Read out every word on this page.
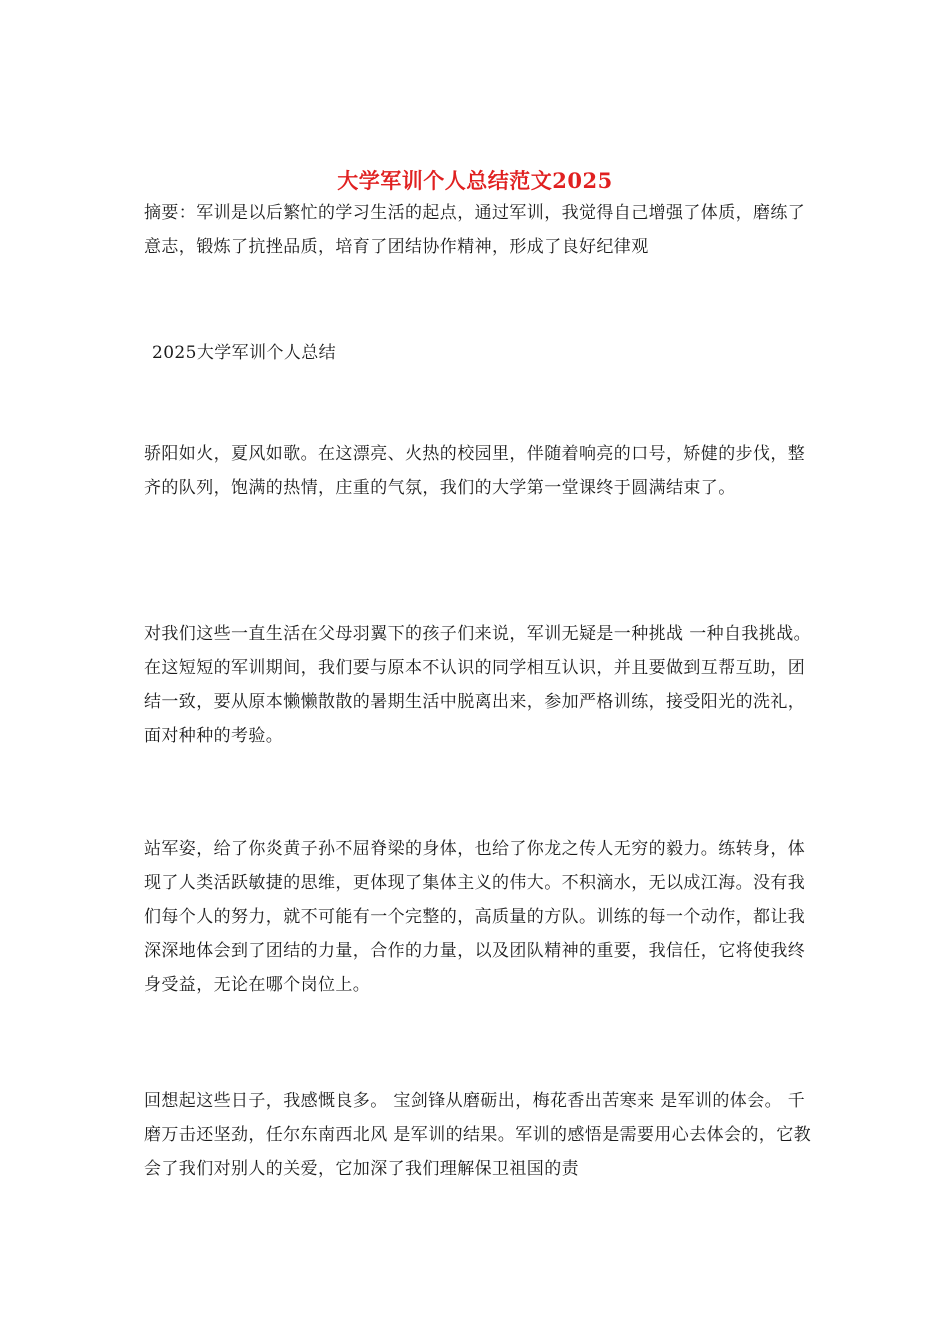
大学军训个人总结范文2025

摘要：军训是以后繁忙的学习生活的起点，通过军训，我觉得自己增强了体质，磨练了意志，锻炼了抗挫品质，培育了团结协作精神，形成了良好纪律观

2025大学军训个人总结

骄阳如火，夏风如歌。在这漂亮、火热的校园里，伴随着响亮的口号，矫健的步伐，整齐的队列，饱满的热情，庄重的气氛，我们的大学第一堂课终于圆满结束了。

对我们这些一直生活在父母羽翼下的孩子们来说，军训无疑是一种挑战 一种自我挑战。在这短短的军训期间，我们要与原本不认识的同学相互认识，并且要做到互帮互助，团结一致，要从原本懒懒散散的暑期生活中脱离出来，参加严格训练，接受阳光的洗礼，面对种种的考验。

站军姿，给了你炎黄子孙不屈脊梁的身体，也给了你龙之传人无穷的毅力。练转身，体现了人类活跃敏捷的思维，更体现了集体主义的伟大。不积滴水，无以成江海。没有我们每个人的努力，就不可能有一个完整的，高质量的方队。训练的每一个动作，都让我深深地体会到了团结的力量，合作的力量，以及团队精神的重要，我信任，它将使我终身受益，无论在哪个岗位上。

回想起这些日子，我感慨良多。 宝剑锋从磨砺出，梅花香出苦寒来 是军训的体会。 千磨万击还坚劲，任尔东南西北风 是军训的结果。军训的感悟是需要用心去体会的，它教会了我们对别人的关爱，它加深了我们理解保卫祖国的责
